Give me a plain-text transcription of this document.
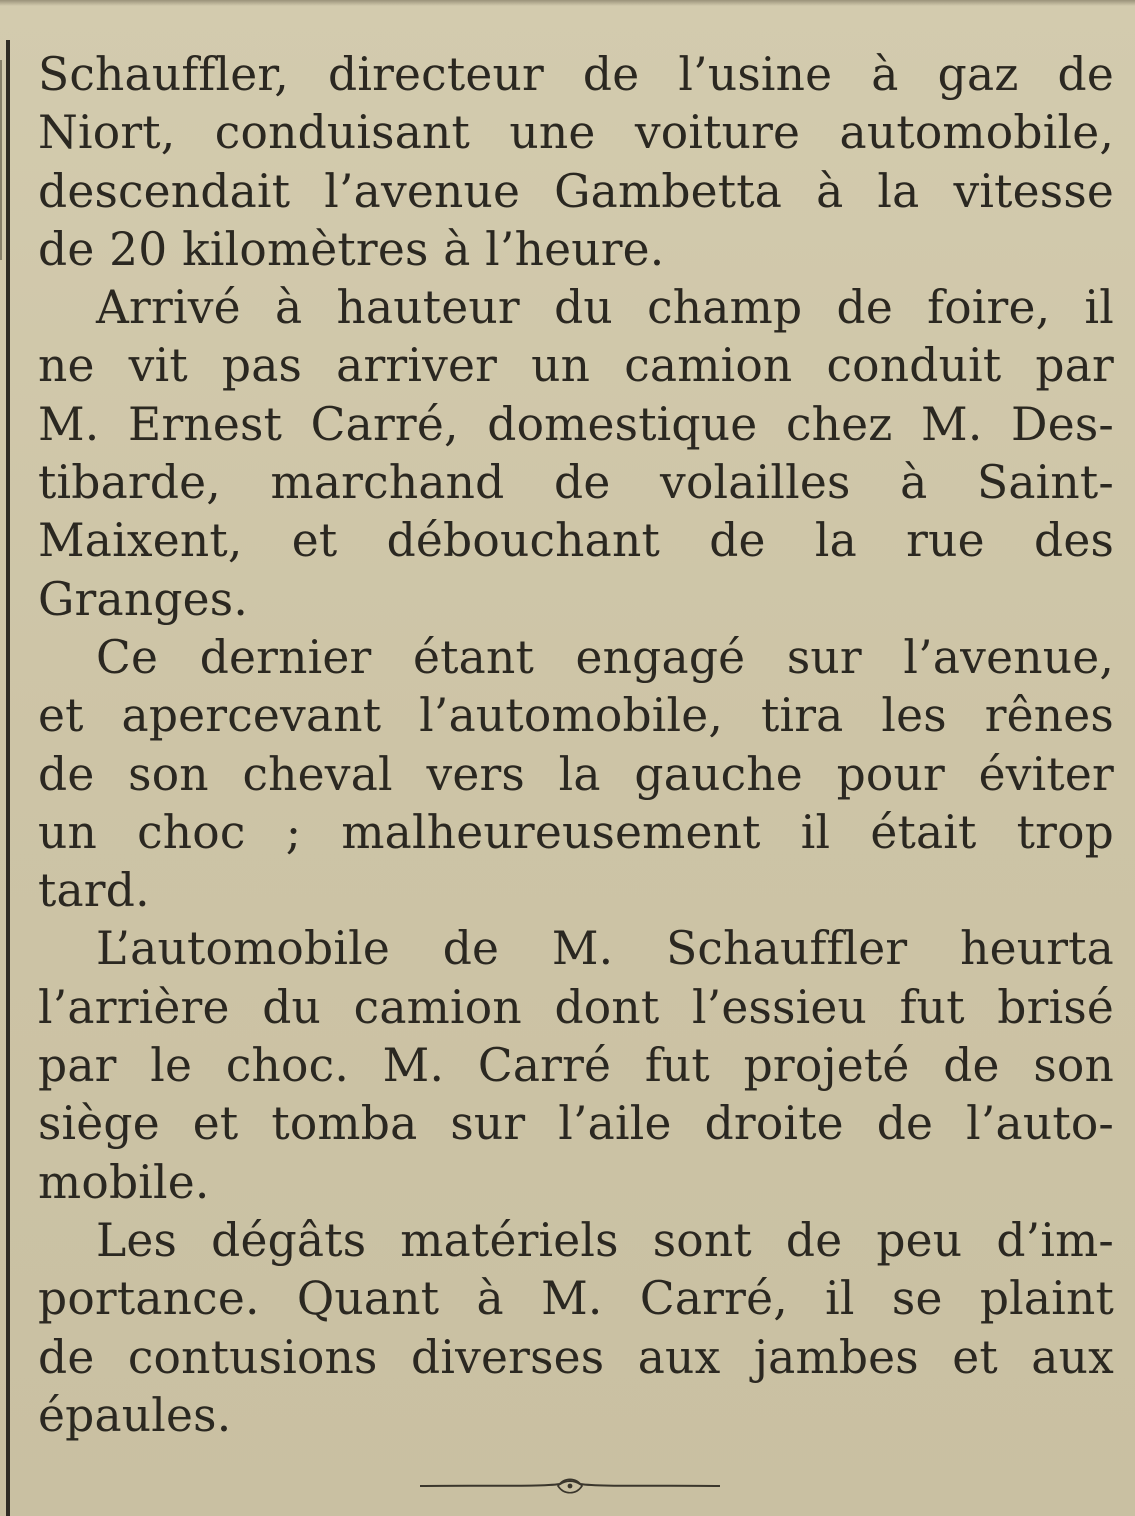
Schauffler, directeur de l’usine à gaz de
Niort, conduisant une voiture automobile,
descendait l’avenue Gambetta à la vitesse
de 20 kilomètres à l’heure.

Arrivé à hauteur du champ de foire, il
ne vit pas arriver un camion conduit par
M. Ernest Carré, domestique chez M. Des-
tibarde, marchand de volailles à Saint-
Maixent, et débouchant de la rue des
Granges.

Ce dernier étant engagé sur l’avenue,
et apercevant l’automobile, tira les rênes
de son cheval vers la gauche pour éviter
un choc ; malheureusement il était trop
tard.

L’automobile de M. Schauffler heurta
l’arrière du camion dont l’essieu fut brisé
par le choc. M. Carré fut projeté de son
siège et tomba sur l’aile droite de l’auto-
mobile.

Les dégâts matériels sont de peu d’im-
portance. Quant à M. Carré, il se plaint
de contusions diverses aux jambes et aux
épaules.
